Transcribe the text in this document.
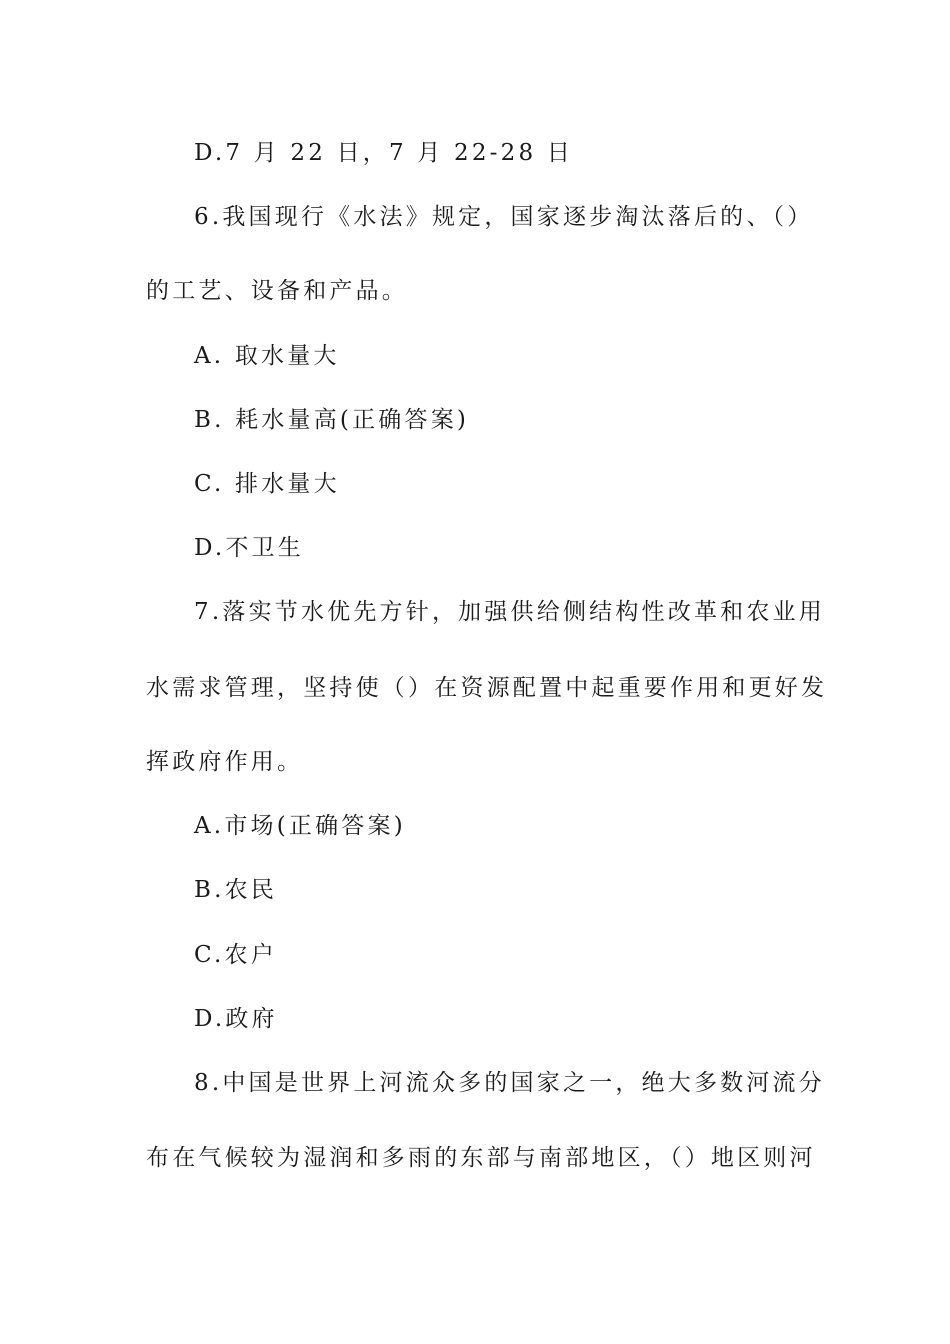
D.7 月 22 日，7 月 22-28 日
6.我国现行《水法》规定，国家逐步淘汰落后的、（）
的工艺、设备和产品。
A. 取水量大
B. 耗水量高(正确答案)
C. 排水量大
D.不卫生
7.落实节水优先方针，加强供给侧结构性改革和农业用
水需求管理，坚持使（）在资源配置中起重要作用和更好发
挥政府作用。
A.市场(正确答案)
B.农民
C.农户
D.政府
8.中国是世界上河流众多的国家之一，绝大多数河流分
布在气候较为湿润和多雨的东部与南部地区，（）地区则河
